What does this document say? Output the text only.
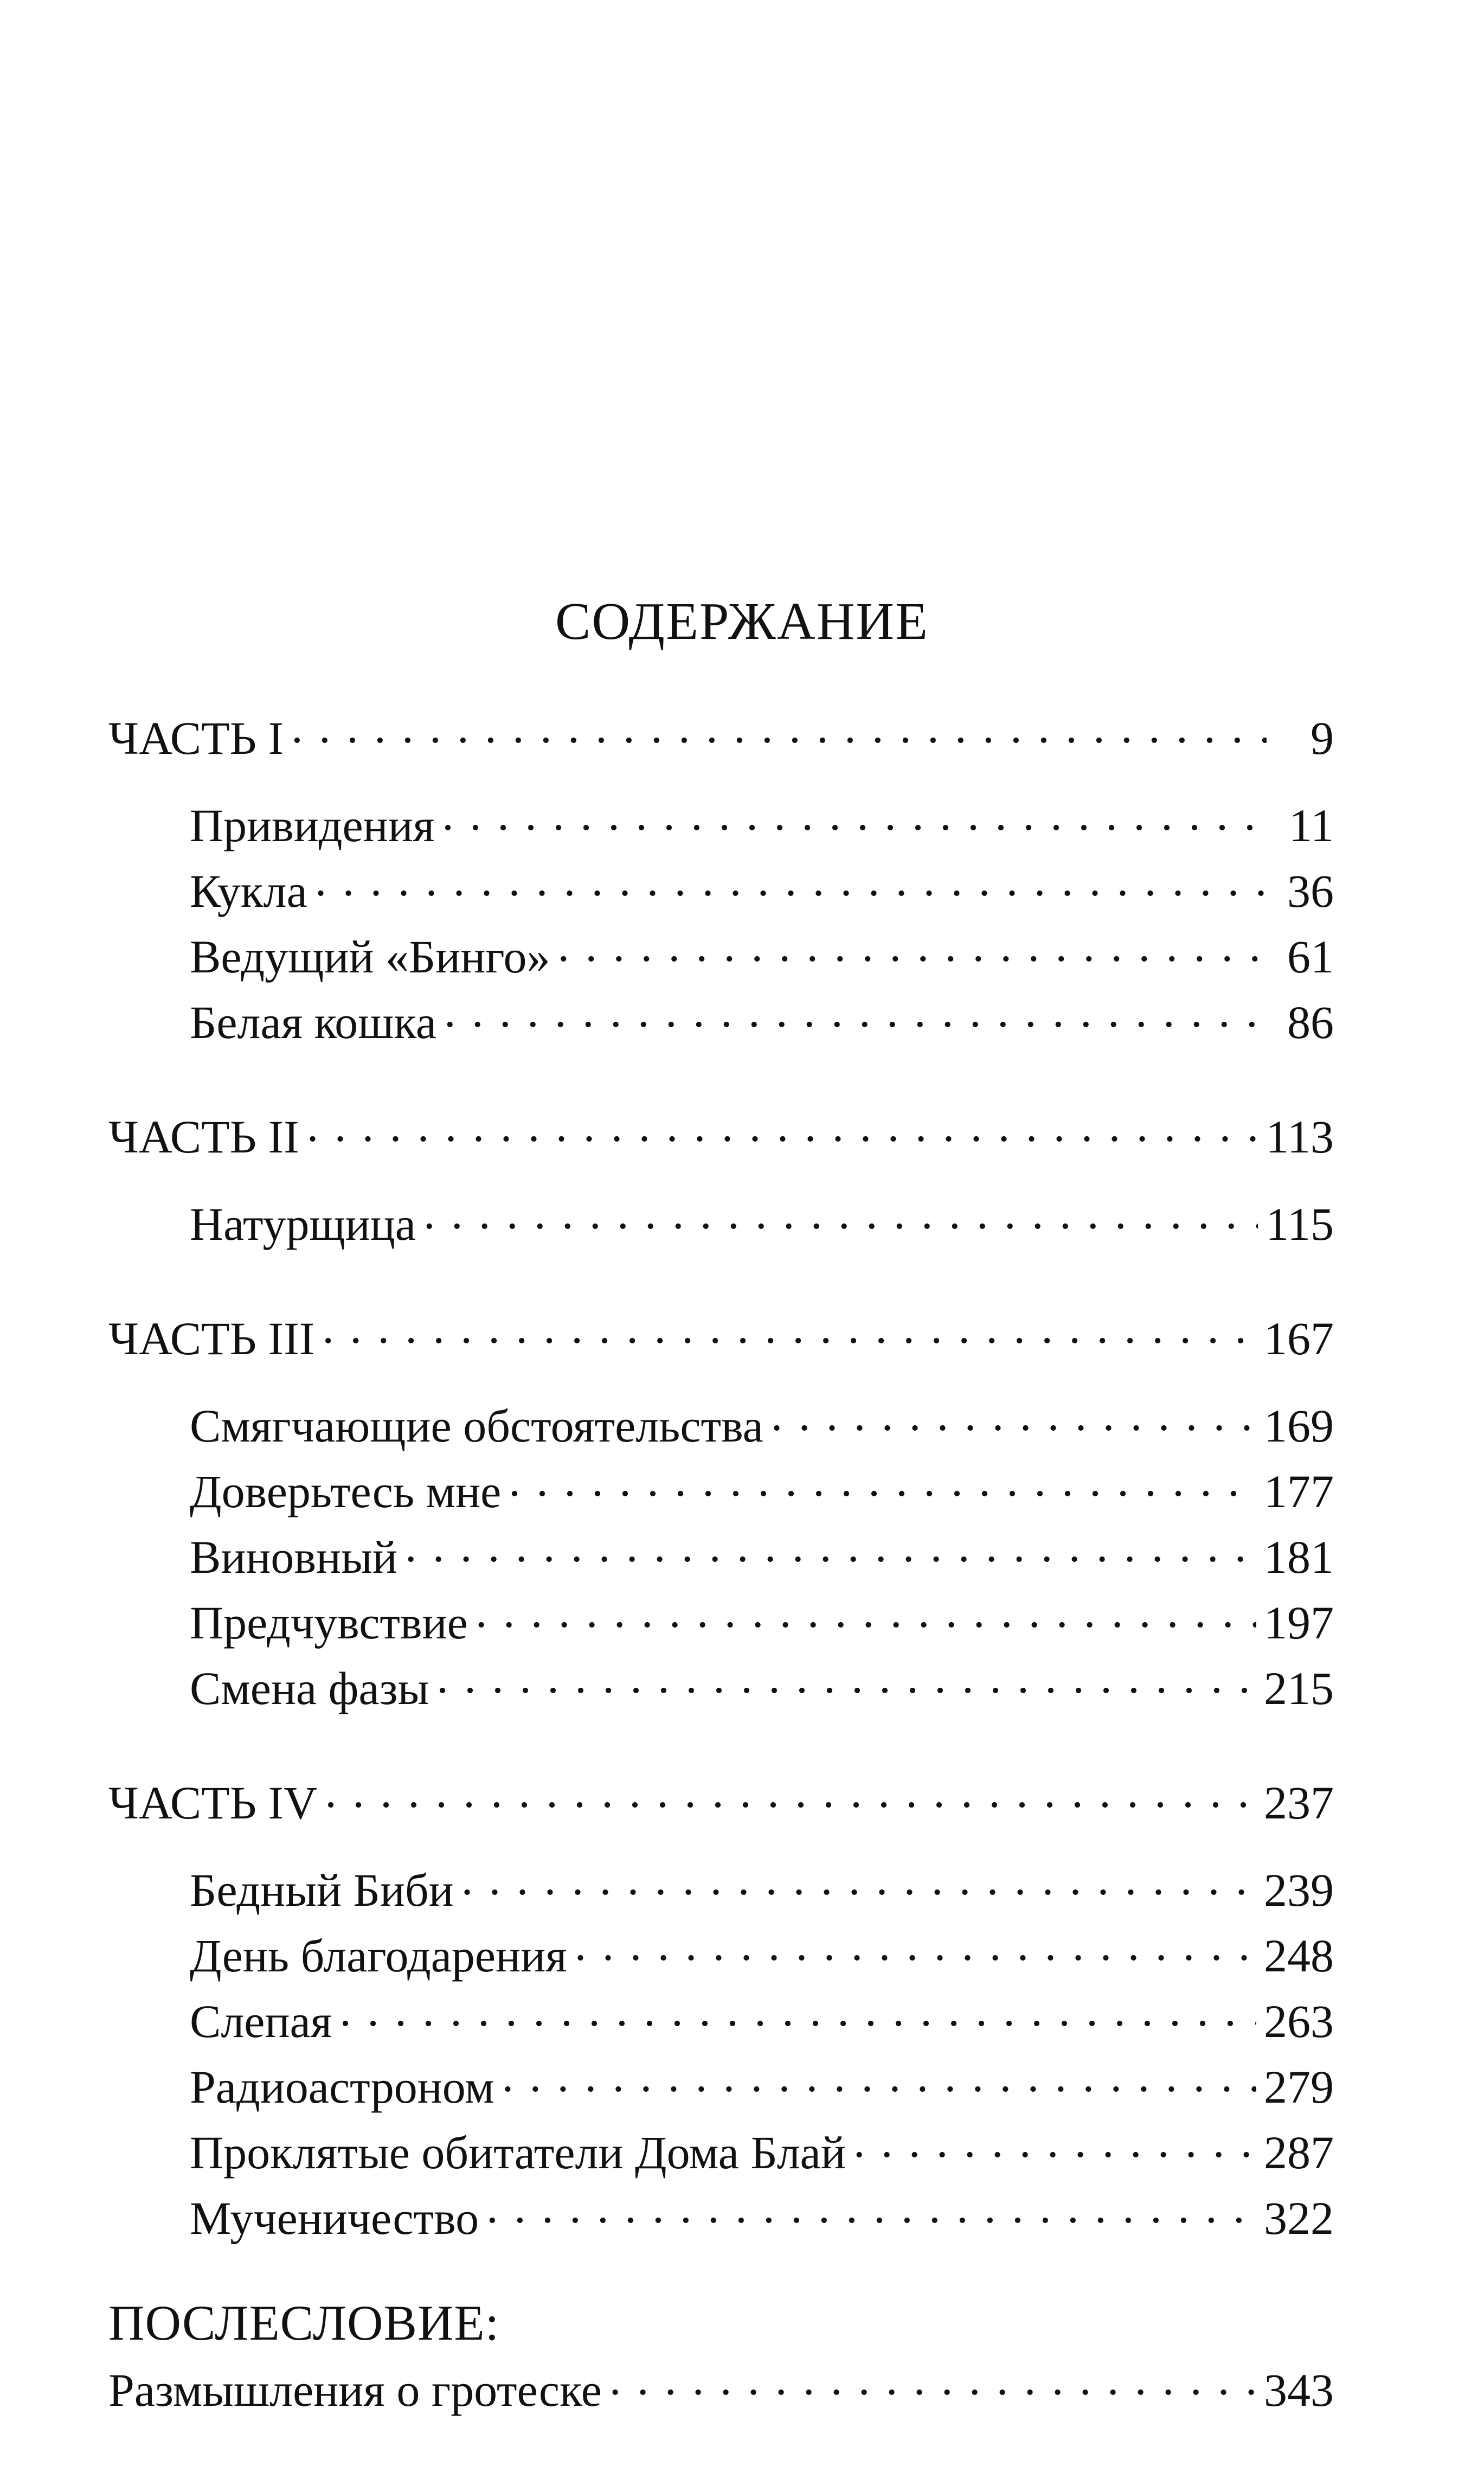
СОДЕРЖАНИЕ
ЧАСТЬ I . . .	9
Привидения . . .	11
Кукла . . .	36
Ведущий «Бинго» . . .	61
Белая кошка . . .	86
ЧАСТЬ II . . .	113
Натурщица . . .	115
ЧАСТЬ III . . .	167
Смягчающие обстоятельства . . .	169
Доверьтесь мне . . .	177
Виновный . . .	181
Предчувствие . . .	197
Смена фазы . . .	215
ЧАСТЬ IV . . .	237
Бедный Биби . . .	239
День благодарения . . .	248
Слепая . . .	263
Радиоастроном . . .	279
Проклятые обитатели Дома Блай . . .	287
Мученичество . . .	322
ПОСЛЕСЛОВИЕ:
Размышления о гротеске . . .	343
